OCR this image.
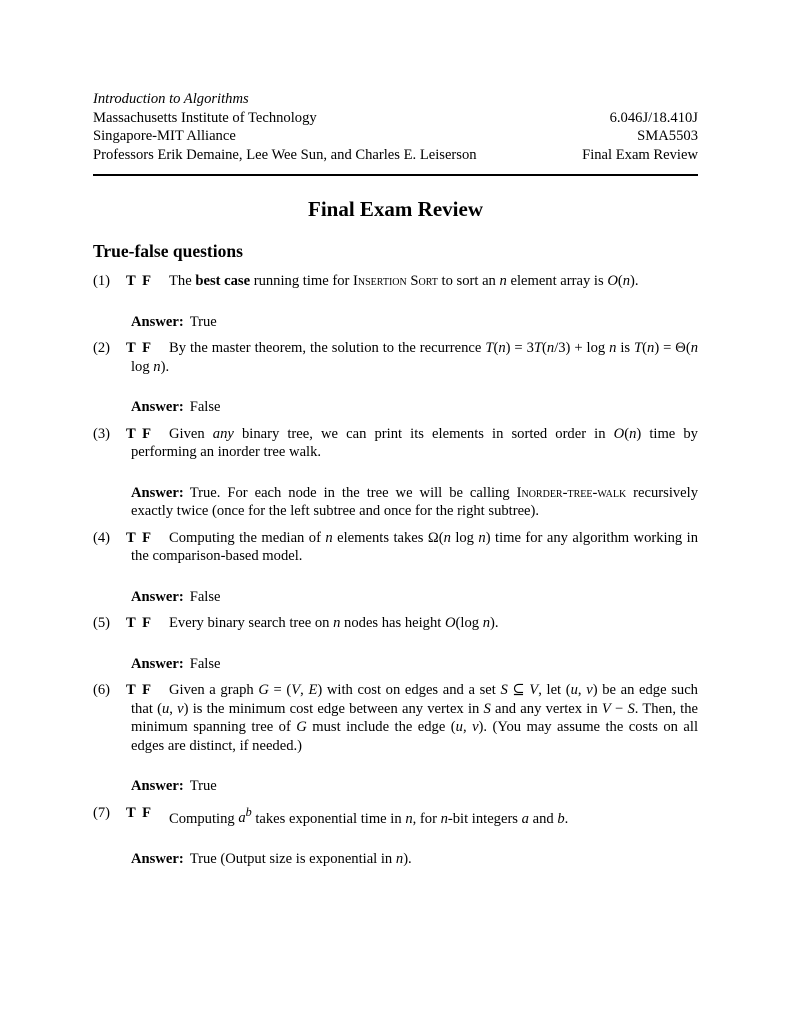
Introduction to Algorithms
Massachusetts Institute of Technology	6.046J/18.410J
Singapore-MIT Alliance	SMA5503
Professors Erik Demaine, Lee Wee Sun, and Charles E. Leiserson	Final Exam Review
Final Exam Review
True-false questions
(1) T F	The best case running time for Insertion Sort to sort an n element array is O(n).
Answer: True
(2) T F	By the master theorem, the solution to the recurrence T(n) = 3T(n/3) + log n is T(n) = Θ(n log n).
Answer: False
(3) T F	Given any binary tree, we can print its elements in sorted order in O(n) time by performing an inorder tree walk.
Answer: True. For each node in the tree we will be calling Inorder-tree-walk recursively exactly twice (once for the left subtree and once for the right subtree).
(4) T F	Computing the median of n elements takes Ω(n log n) time for any algorithm working in the comparison-based model.
Answer: False
(5) T F	Every binary search tree on n nodes has height O(log n).
Answer: False
(6) T F	Given a graph G = (V, E) with cost on edges and a set S ⊆ V, let (u, v) be an edge such that (u, v) is the minimum cost edge between any vertex in S and any vertex in V − S. Then, the minimum spanning tree of G must include the edge (u, v). (You may assume the costs on all edges are distinct, if needed.)
Answer: True
(7) T F	Computing $a^b$ takes exponential time in n, for n-bit integers a and b.
Answer: True (Output size is exponential in n).
